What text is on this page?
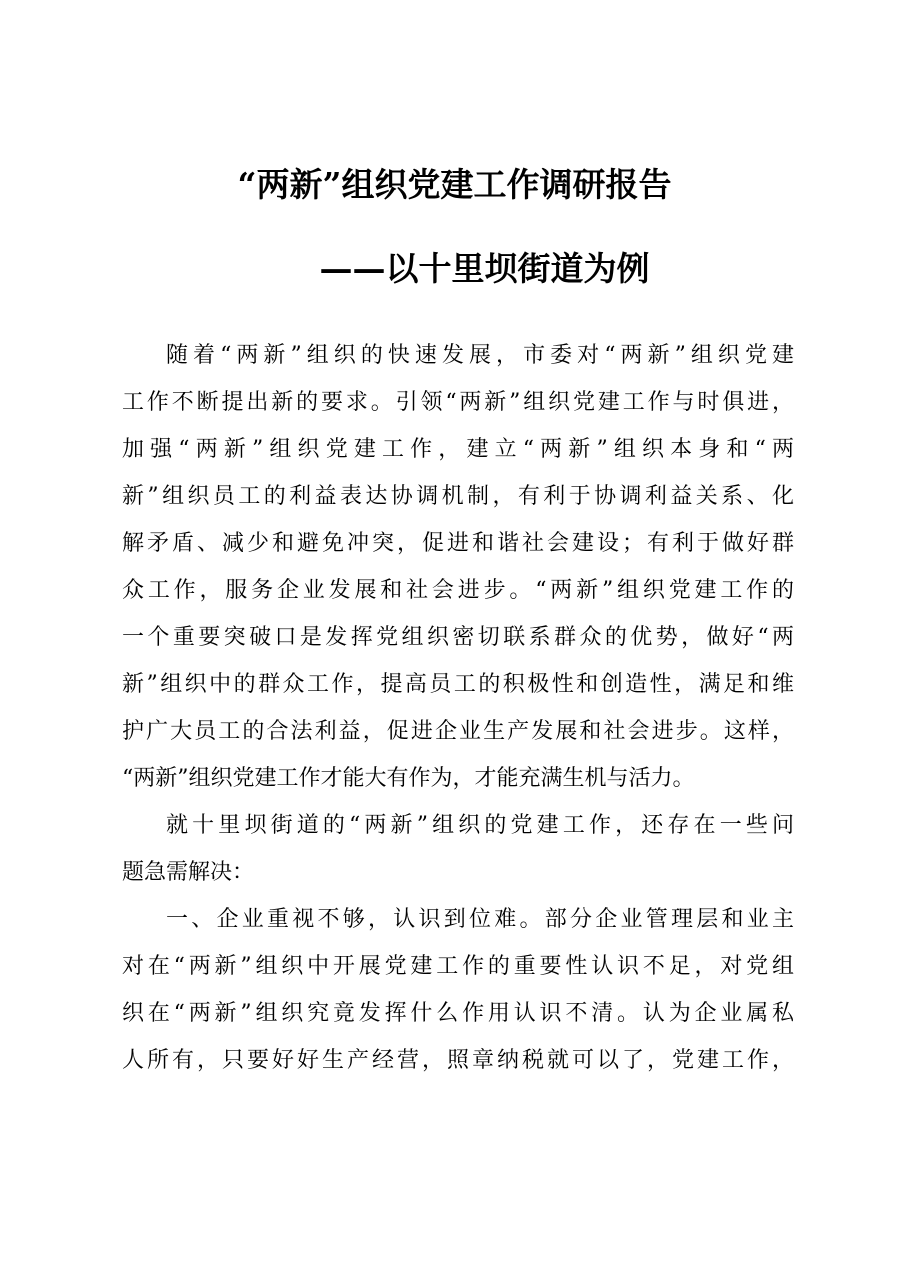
“两新”组织党建工作调研报告
——以十里坝街道为例
随着“两新”组织的快速发展，市委对“两新”组织党建
工作不断提出新的要求。引领“两新”组织党建工作与时俱进，
加强“两新”组织党建工作，建立“两新”组织本身和“两
新”组织员工的利益表达协调机制，有利于协调利益关系、化
解矛盾、减少和避免冲突，促进和谐社会建设；有利于做好群
众工作，服务企业发展和社会进步。“两新”组织党建工作的
一个重要突破口是发挥党组织密切联系群众的优势，做好“两
新”组织中的群众工作，提高员工的积极性和创造性，满足和维
护广大员工的合法利益，促进企业生产发展和社会进步。这样，
“两新”组织党建工作才能大有作为，才能充满生机与活力。
就十里坝街道的“两新”组织的党建工作，还存在一些问
题急需解决：
一、企业重视不够，认识到位难。部分企业管理层和业主
对在“两新”组织中开展党建工作的重要性认识不足，对党组
织在“两新”组织究竟发挥什么作用认识不清。认为企业属私
人所有，只要好好生产经营，照章纳税就可以了，党建工作，
